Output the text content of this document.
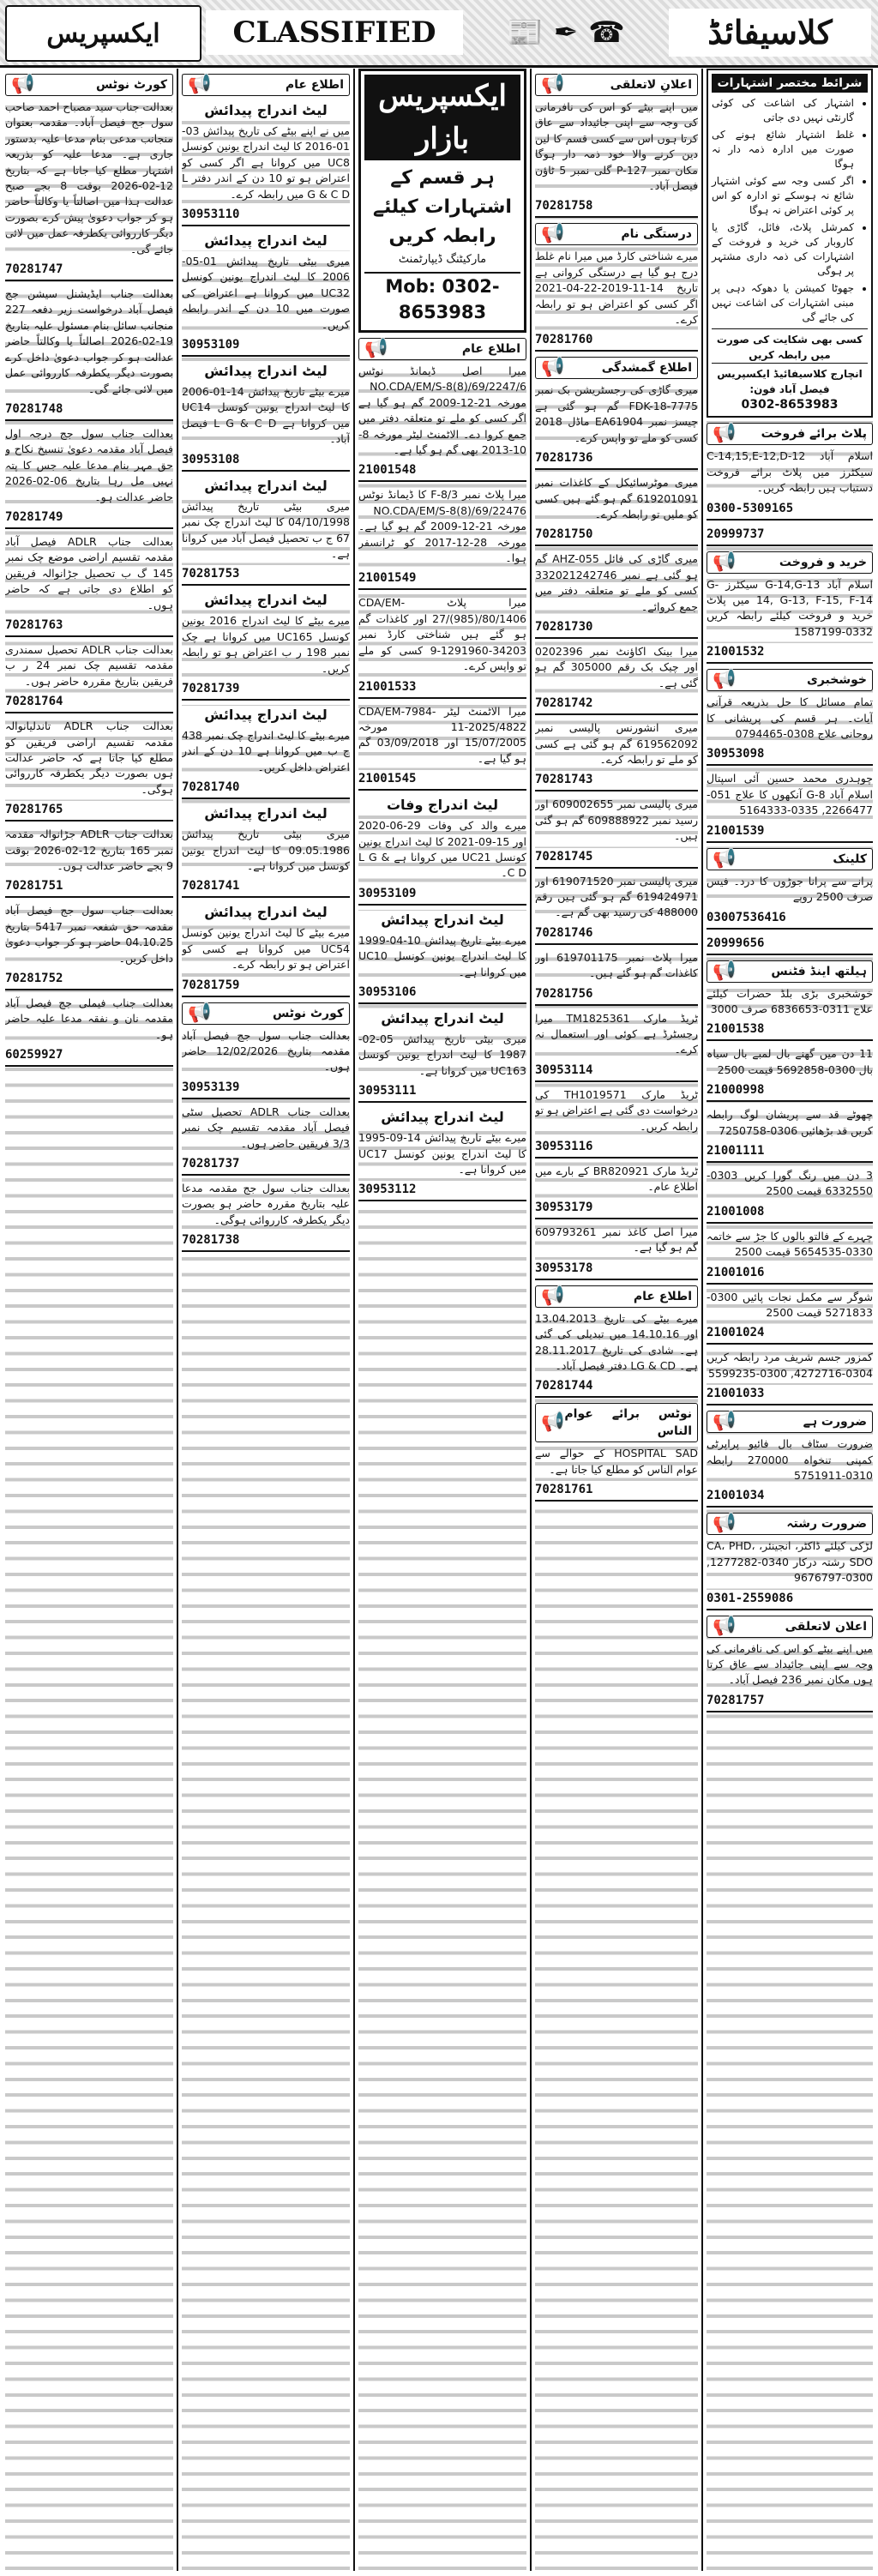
ایکسپریس	CLASSIFIED	📰 ✒ ☎	کلاسیفائڈ
کورٹ نوٹس
📢
بعدالت جناب سید مصباح احمد صاحب سول جج فیصل آباد۔ مقدمہ بعنوان منجانب مدعی بنام مدعا علیہ بدستور جاری ہے۔ مدعا علیہ کو بذریعہ اشتہار مطلع کیا جاتا ہے کہ بتاریخ 12-02-2026 بوقت 8 بجے صبح عدالت ہذا میں اصالتاً یا وکالتاً حاضر ہو کر جواب دعویٰ پیش کرے بصورت دیگر کارروائی یکطرفہ عمل میں لائی جائے گی۔
70281747
بعدالت جناب ایڈیشنل سیشن جج فیصل آباد درخواست زیر دفعہ 227 منجانب سائل بنام مسئول علیہ بتاریخ 19-02-2026 اصالتاً یا وکالتاً حاضر عدالت ہو کر جواب دعویٰ داخل کرے بصورت دیگر یکطرفہ کارروائی عمل میں لائی جائے گی۔
70281748
بعدالت جناب سول جج درجہ اول فیصل آباد مقدمہ دعویٰ تنسیخ نکاح و حق مہر بنام مدعا علیہ جس کا پتہ نہیں مل رہا بتاریخ 06-02-2026 حاضر عدالت ہو۔
70281749
بعدالت جناب ADLR فیصل آباد مقدمہ تقسیم اراضی موضع چک نمبر 145 گ ب تحصیل جڑانوالہ فریقین کو اطلاع دی جاتی ہے کہ حاضر ہوں۔
70281763
بعدالت جناب ADLR تحصیل سمندری مقدمہ تقسیم چک نمبر 24 ر ب فریقین بتاریخ مقررہ حاضر ہوں۔
70281764
بعدالت جناب ADLR تاندلیانوالہ مقدمہ تقسیم اراضی فریقین کو مطلع کیا جاتا ہے کہ حاضر عدالت ہوں بصورت دیگر یکطرفہ کارروائی ہوگی۔
70281765
بعدالت جناب ADLR جڑانوالہ مقدمہ نمبر 165 بتاریخ 12-02-2026 بوقت 9 بجے حاضر عدالت ہوں۔
70281751
بعدالت جناب سول جج فیصل آباد مقدمہ حق شفعہ نمبر 5417 بتاریخ 04.10.25 حاضر ہو کر جواب دعویٰ داخل کریں۔
70281752
بعدالت جناب فیملی جج فیصل آباد مقدمہ نان و نفقہ مدعا علیہ حاضر ہو۔
60259927
اطلاع عام
📢
لیٹ اندراج پیدائش
میں نے اپنے بیٹے کی تاریخ پیدائش 03-01-2016 کا لیٹ اندراج یونین کونسل UC8 میں کروانا ہے اگر کسی کو اعتراض ہو تو 10 دن کے اندر دفتر L G & C D میں رابطہ کرے۔
30953110
لیٹ اندراج پیدائش
میری بیٹی تاریخ پیدائش 01-05-2006 کا لیٹ اندراج یونین کونسل UC32 میں کروانا ہے اعتراض کی صورت میں 10 دن کے اندر رابطہ کریں۔
30953109
لیٹ اندراج پیدائش
میرے بیٹے تاریخ پیدائش 14-01-2006 کا لیٹ اندراج یونین کونسل UC14 میں کروانا ہے L G & C D فیصل آباد۔
30953108
لیٹ اندراج پیدائش
میری بیٹی تاریخ پیدائش 04/10/1998 کا لیٹ اندراج چک نمبر 67 ج ب تحصیل فیصل آباد میں کروانا ہے۔
70281753
لیٹ اندراج پیدائش
میرے بیٹے کا لیٹ اندراج 2016 یونین کونسل UC165 میں کروانا ہے چک نمبر 198 ر ب اعتراض ہو تو رابطہ کریں۔
70281739
لیٹ اندراج پیدائش
میرے بیٹے کا لیٹ اندراج چک نمبر 438 ج ب میں کروانا ہے 10 دن کے اندر اعتراض داخل کریں۔
70281740
لیٹ اندراج پیدائش
میری بیٹی تاریخ پیدائش 09.05.1986 کا لیٹ اندراج یونین کونسل میں کروانا ہے۔
70281741
لیٹ اندراج پیدائش
میرے بیٹے کا لیٹ اندراج یونین کونسل UC54 میں کروانا ہے کسی کو اعتراض ہو تو رابطہ کرے۔
70281759
کورٹ نوٹس
📢
بعدالت جناب سول جج فیصل آباد مقدمہ بتاریخ 12/02/2026 حاضر ہوں۔
30953139
بعدالت جناب ADLR تحصیل سٹی فیصل آباد مقدمہ تقسیم چک نمبر 3/3 فریقین حاضر ہوں۔
70281737
بعدالت جناب سول جج مقدمہ مدعا علیہ بتاریخ مقررہ حاضر ہو بصورت دیگر یکطرفہ کارروائی ہوگی۔
70281738
ایکسپریس بازار
ہر قسم کے اشتہارات کیلئے رابطہ کریں
مارکیٹنگ ڈیپارٹمنٹ
Mob: 0302-8653983
اطلاع عام
📢
میرا اصل ڈیمانڈ نوٹس NO.CDA/EM/S-8(8)/69/2247/6 مورخہ 21-12-2009 گم ہو گیا ہے اگر کسی کو ملے تو متعلقہ دفتر میں جمع کروا دے۔ الاٹمنٹ لیٹر مورخہ 8-10-2013 بھی گم ہو گیا ہے۔
21001548
میرا پلاٹ نمبر F-8/3 کا ڈیمانڈ نوٹس NO.CDA/EM/S-8(8)/69/22476 مورخہ 21-12-2009 گم ہو گیا ہے۔ مورخہ 28-12-2017 کو ٹرانسفر ہوا۔
21001549
میرا پلاٹ CDA/EM-27/(985)/80/1406 اور کاغذات گم ہو گئے ہیں شناختی کارڈ نمبر 34203-1291960-9 کسی کو ملے تو واپس کرے۔
21001533
میرا الاٹمنٹ لیٹر CDA/EM-7984-11-2025/4822 مورخہ 15/07/2005 اور 03/09/2018 گم ہو گیا ہے۔
21001545
لیٹ اندراج وفات
میرے والد کی وفات 29-06-2020 اور 15-09-2021 کا لیٹ اندراج یونین کونسل UC21 میں کروانا ہے L G & C D۔
30953109
لیٹ اندراج پیدائش
میرے بیٹے تاریخ پیدائش 10-04-1999 کا لیٹ اندراج یونین کونسل UC10 میں کروانا ہے۔
30953106
لیٹ اندراج پیدائش
میری بیٹی تاریخ پیدائش 05-02-1987 کا لیٹ اندراج یونین کونسل UC163 میں کروانا ہے۔
30953111
لیٹ اندراج پیدائش
میرے بیٹے تاریخ پیدائش 14-09-1995 کا لیٹ اندراج یونین کونسل UC17 میں کروانا ہے۔
30953112
اعلانِ لاتعلقی
📢
میں اپنے بیٹے کو اس کی نافرمانی کی وجہ سے اپنی جائیداد سے عاق کرتا ہوں اس سے کسی قسم کا لین دین کرنے والا خود ذمہ دار ہوگا مکان نمبر P-127 گلی نمبر 5 ٹاؤن فیصل آباد۔
70281758
درستگی نام
📢
میرے شناختی کارڈ میں میرا نام غلط درج ہو گیا ہے درستگی کروانی ہے تاریخ 14-11-2019-22-04-2021 اگر کسی کو اعتراض ہو تو رابطہ کرے۔
70281760
اطلاع گمشدگی
📢
میری گاڑی کی رجسٹریشن بک نمبر FDK-18-7775 گم ہو گئی ہے چیسز نمبر EA61904 ماڈل 2018 کسی کو ملے تو واپس کرے۔
70281736
میری موٹرسائیکل کے کاغذات نمبر 619201091 گم ہو گئے ہیں کسی کو ملیں تو رابطہ کرے۔
70281750
میری گاڑی کی فائل AHZ-055 گم ہو گئی ہے نمبر 332021242746 کسی کو ملے تو متعلقہ دفتر میں جمع کروائے۔
70281730
میرا بینک اکاؤنٹ نمبر 0202396 اور چیک بک رقم 305000 گم ہو گئی ہے۔
70281742
میری انشورنس پالیسی نمبر 619562092 گم ہو گئی ہے کسی کو ملے تو رابطہ کرے۔
70281743
میری پالیسی نمبر 609002655 اور رسید نمبر 609888922 گم ہو گئی ہیں۔
70281745
میری پالیسی نمبر 619071520 اور 619424971 گم ہو گئی ہیں رقم 488000 کی رسید بھی گم ہے۔
70281746
میرا پلاٹ نمبر 619701175 اور کاغذات گم ہو گئے ہیں۔
70281756
ٹریڈ مارک TM1825361 میرا رجسٹرڈ ہے کوئی اور استعمال نہ کرے۔
30953114
ٹریڈ مارک TH1019571 کی درخواست دی گئی ہے اعتراض ہو تو رابطہ کریں۔
30953116
ٹریڈ مارک BR820921 کے بارے میں اطلاع عام۔
30953179
میرا اصل کاغذ نمبر 609793261 گم ہو گیا ہے۔
30953178
اطلاع عام
📢
میرے بیٹے کی تاریخ 13.04.2013 اور 14.10.16 میں تبدیلی کی گئی ہے۔ شادی کی تاریخ 28.11.2017 ہے۔ LG & CD دفتر فیصل آباد۔
70281744
نوٹس برائے عوام الناس
📢
HOSPITAL SAD کے حوالے سے عوام الناس کو مطلع کیا جاتا ہے۔
70281761
شرائط مختصر اشتہارات
• اشتہار کی اشاعت کی کوئی گارنٹی نہیں دی جاتی
• غلط اشتہار شائع ہونے کی صورت میں ادارہ ذمہ دار نہ ہوگا
• اگر کسی وجہ سے کوئی اشتہار شائع نہ ہوسکے تو ادارہ کو اس پر کوئی اعتراض نہ ہوگا
• کمرشل پلاٹ، فائل، گاڑی یا کاروبار کی خرید و فروخت کے اشتہارات کی ذمہ داری مشتہر پر ہوگی
• جھوٹا کمیشن یا دھوکہ دہی پر مبنی اشتہارات کی اشاعت نہیں کی جائے گی
کسی بھی شکایت کی صورت میں رابطہ کریں
انچارج کلاسیفائیڈ ایکسپریس فیصل آباد فون:
0302-8653983
پلاٹ برائے فروخت
📢
اسلام آباد C-14,15,E-12,D-12 سیکٹرز میں پلاٹ برائے فروخت دستیاب ہیں رابطہ کریں۔
0300-5309165
20999737
خرید و فروخت
📢
اسلام آباد G-14,G-13 سیکٹرز G-14, G-13, F-15, F-14 میں پلاٹ خرید و فروخت کیلئے رابطہ کریں 0332-1587199
21001532
خوشخبری
📢
تمام مسائل کا حل بذریعہ قرآنی آیات۔ ہر قسم کی پریشانی کا روحانی علاج 0308-0794465
30953098
چوہدری محمد حسین آئی اسپتال اسلام آباد G-8 آنکھوں کا علاج 051-2266477, 0335-5164333
21001539
کلینک
📢
پرانے سے پرانا جوڑوں کا درد۔ فیس صرف 2500 روپے
03007536416
20999656
ہیلتھ اینڈ فٹنس
📢
خوشخبری بڑی بلڈ حضرات کیلئے علاج 0311-6836653 صرف 3000
21001538
11 دن میں گھنے بال لمبے بال سیاہ بال 0300-5692858 قیمت 2500
21000998
چھوٹے قد سے پریشان لوگ رابطہ کریں قد بڑھائیں 0306-7250758
21001111
3 دن میں رنگ گورا کریں 0303-6332550 قیمت 2500
21001008
چہرے کے فالتو بالوں کا جڑ سے خاتمہ 0330-5654535 قیمت 2500
21001016
شوگر سے مکمل نجات پائیں 0300-5271833 قیمت 2500
21001024
کمزور جسم شریف مرد رابطہ کریں 0304-4272716, 0300-5599235
21001033
ضرورت ہے
📢
ضرورت سٹاف بال فائیو پراپرٹی کمپنی تنخواہ 270000 رابطہ 0310-5751911
21001034
ضرورت رشتہ
📢
لڑکی کیلئے ڈاکٹر، انجینئر، CA، PHD، SDO رشتہ درکار 0340-1277282, 0300-9676797
0301-2559086
اعلان لاتعلقی
📢
میں اپنے بیٹے کو اس کی نافرمانی کی وجہ سے اپنی جائیداد سے عاق کرتا ہوں مکان نمبر 236 فیصل آباد۔
70281757
